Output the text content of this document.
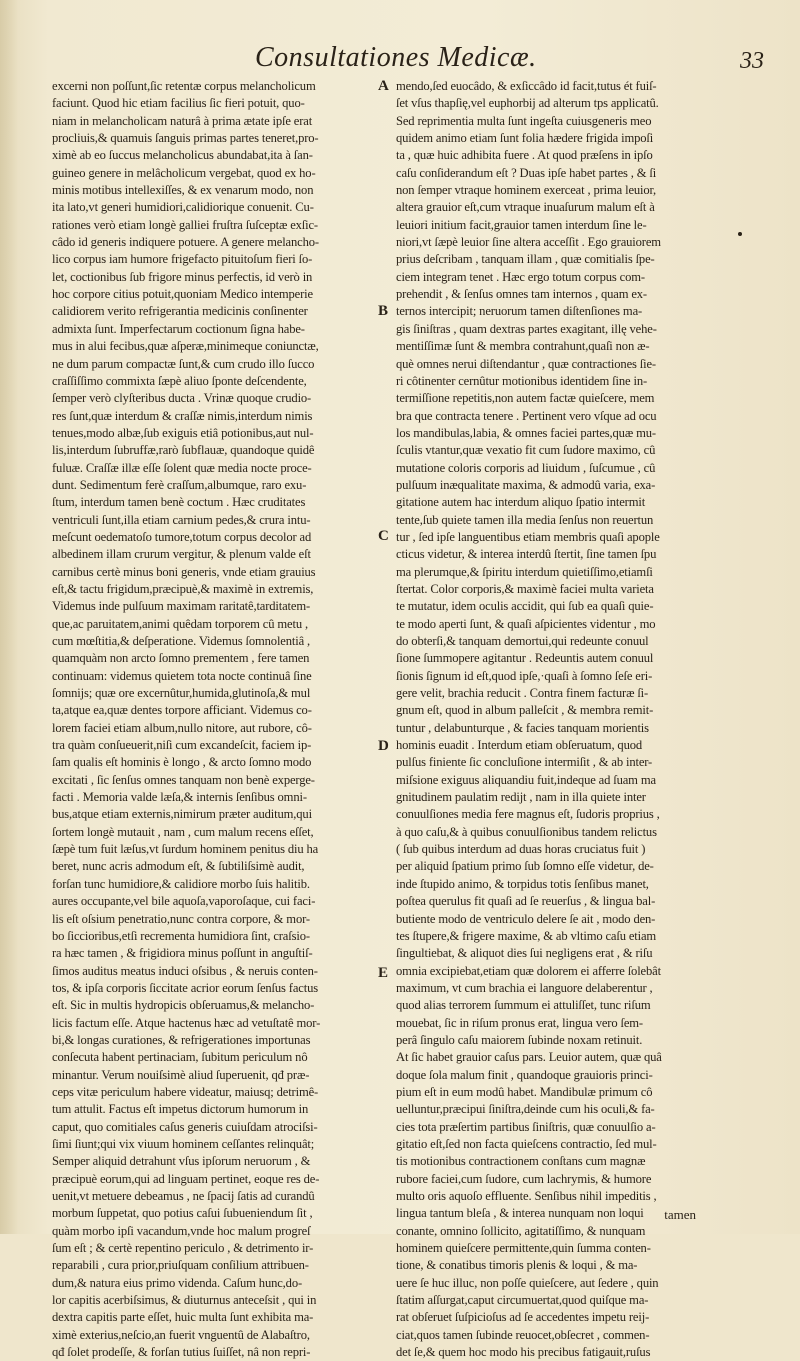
Consultationes Medicæ.	33
excerni non poſſunt,ſic retentæ corpus melancholicum
faciunt. Quod hic etiam facilius ſic fieri potuit, quo-
niam in melancholicam naturâ à prima ætate ipſe erat
procliuis,& quamuis ſanguis primas partes teneret,pro-
ximè ab eo ſuccus melancholicus abundabat,ita à ſan-
guineo genere in melâcholicum vergebat, quod ex ho-
minis motibus intellexiſſes, & ex venarum modo, non
ita lato,vt generi humidiori,calidiorique conuenit. Cu-
rationes verò etiam longè galliei fruſtra ſuſceptæ exſic-
câdo id generis indiquere potuere. A genere melancho-
lico corpus iam humore frigefacto pituitoſum fieri ſo-
let, coctionibus ſub frigore minus perfectis, id verò in
hoc corpore citius potuit,quoniam Medico intemperie
calidiorem verito refrigerantia medicinis conſinenter
admixta ſunt. Imperfectarum coctionum ſigna habe-
mus in alui fecibus,quæ aſperæ,minimeque coniunctæ,
ne dum parum compactæ ſunt,& cum crudo illo ſucco
craſſiſſimo commixta ſæpè aliuo ſponte deſcendente,
ſemper verò clyſteribus ducta . Vrinæ quoque crudio-
res ſunt,quæ interdum & craſſæ nimis,interdum nimis
tenues,modo albæ,ſub exiguis etiâ potionibus,aut nul-
lis,interdum ſubruffæ,rarò ſubflauæ, quandoque quidê
fuluæ. Craſſæ illæ eſſe ſolent quæ media nocte proce-
dunt. Sedimentum ferè craſſum,albumque, raro exu-
ſtum, interdum tamen benè coctum . Hæc cruditates
ventriculi ſunt,illa etiam carnium pedes,& crura intu-
meſcunt oedematoſo tumore,totum corpus decolor ad
albedinem illam crurum vergitur, & plenum valde eſt
carnibus certè minus boni generis, vnde etiam grauius
eſt,& tactu frigidum,præcipuè,& maximè in extremis,
Videmus inde pulſuum maximam raritatê,tarditatem-
que,ac paruitatem,animi quêdam torporem cû metu ,
cum mœſtitia,& deſperatione. Videmus ſomnolentiâ ,
quamquàm non arcto ſomno prementem , fere tamen
continuam: videmus quietem tota nocte continuâ ſine
ſomnijs; quæ ore excernûtur,humida,glutinoſa,& mul
ta,atque ea,quæ dentes torpore afficiant. Videmus co-
lorem faciei etiam album,nullo nitore, aut rubore, cô-
tra quàm conſueuerit,niſi cum excandeſcit, faciem ip-
ſam qualis eſt hominis è longo , & arcto ſomno modo
excitati , ſic ſenſus omnes tanquam non benè experge-
facti . Memoria valde læſa,& internis ſenſibus omni-
bus,atque etiam externis,nimirum præter auditum,qui
ſortem longè mutauit , nam , cum malum recens eſſet,
ſæpè tum fuit læſus,vt ſurdum hominem penitus diu ha
beret, nunc acris admodum eſt, & ſubtiliſsimè audit,
forſan tunc humidiore,& calidiore morbo ſuis halitib.
aures occupante,vel bile aquoſa,vaporoſaque, cui faci-
lis eſt oſsium penetratio,nunc contra corpore, & mor-
bo ſiccioribus,etſi recrementa humidiora ſint, craſsio-
ra hæc tamen , & frigidiora minus poſſunt in anguſtiſ-
ſimos auditus meatus induci oſsibus , & neruis conten-
tos, & ipſa corporis ſiccitate acrior eorum ſenſus factus
eſt. Sic in multis hydropicis obſeruamus,& melancho-
licis factum eſſe. Atque hactenus hæc ad vetuſtatê mor-
bi,& longas curationes, & refrigerationes importunas
conſecuta habent pertinaciam, ſubitum periculum nô
minantur. Verum nouiſsimè aliud ſuperuenit, qđ præ-
ceps vitæ periculum habere videatur, maiusq; detrimê-
tum attulit. Factus eſt impetus dictorum humorum in
caput, quo comitiales caſus generis cuiuſdam atrociſsi-
ſimi ſiunt;qui vix viuum hominem ceſſantes relinquât;
Semper aliquid detrahunt vſus ipſorum neruorum , &
præcipuè eorum,qui ad linguam pertinet, eoque res de-
uenit,vt metuere debeamus , ne ſpacij ſatis ad curandû
morbum ſuppetat, quo potius caſui ſubueniendum ſit ,
quàm morbo ipſi vacandum,vnde hoc malum progreſ
ſum eſt ; & certè repentino periculo , & detrimento ir-
reparabili , cura prior,priuſquam conſilium attribuen-
dum,& natura eius primo videnda. Caſum hunc,do-
lor capitis acerbiſsimus, & diuturnus anteceſsit , qui in
dextra capitis parte eſſet, huic multa ſunt exhibita ma-
ximè exterius,neſcio,an fuerit vnguentû de Alabaſtro,
qđ ſolet prodeſſe, & forſan tutius ſuiſſet, nâ non repri-
A
B
C
D
E
mendo,ſed euocâdo, & exſiccâdo id facit,tutus ét fuiſ-
ſet vſus thapſię,vel euphorbij ad alterum tps applicatû.
Sed reprimentia multa ſunt ingeſta cuiusgeneris meo
quidem animo etiam ſunt folia hædere frigida impoſi
ta , quæ huic adhibita fuere . At quod præſens in ipſo
caſu conſiderandum eſt ? Duas ipſe habet partes , & ſi
non ſemper vtraque hominem exerceat , prima leuior,
altera grauior eſt,cum vtraque inuaſurum malum eſt à
leuiori initium facit,grauior tamen interdum ſine le-
niori,vt ſæpè leuior ſine altera acceſſit . Ego grauiorem
prius deſcribam , tanquam illam , quæ comitialis ſpe-
ciem integram tenet . Hæc ergo totum corpus com-
prehendit , & ſenſus omnes tam internos , quam ex-
ternos intercipit; neruorum tamen diſtenſiones ma-
gis ſiniſtras , quam dextras partes exagitant, illę vehe-
mentiſſimæ ſunt & membra contrahunt,quaſi non æ-
què omnes nerui diſtendantur , quæ contractiones ſie-
ri côtinenter cernûtur motionibus identidem ſine in-
termiſſione repetitis,non autem factæ quieſcere, mem
bra que contracta tenere . Pertinent vero vſque ad ocu
los mandibulas,labia, & omnes faciei partes,quæ mu-
ſculis vtantur,quæ vexatio fit cum ſudore maximo, cû
mutatione coloris corporis ad liuidum , ſuſcumue , cû
pulſuum inæqualitate maxima, & admodû varia, exa-
gitatione autem hac interdum aliquo ſpatio intermit
tente,ſub quiete tamen illa media ſenſus non reuertun
tur , ſed ipſe languentibus etiam membris quaſi apople
cticus videtur, & interea interdû ſtertit, ſine tamen ſpu
ma plerumque,& ſpiritu interdum quietiſſimo,etiamſi
ſtertat. Color corporis,& maximè faciei multa varieta
te mutatur, idem oculis accidit, qui ſub ea quaſi quie-
te modo aperti ſunt, & quaſi aſpicientes videntur , mo
do obterſi,& tanquam demortui,qui redeunte conuul
ſione ſummopere agitantur . Redeuntis autem conuul
ſionis ſignum id eſt,quod ipſe,·quaſi à ſomno ſeſe eri-
gere velit, brachia reducit . Contra finem facturæ ſi-
gnum eſt, quod in album palleſcit , & membra remit-
tuntur , delabunturque , & facies tanquam morientis
hominis euadit . Interdum etiam obſeruatum, quod
pulſus finiente ſic concluſione intermiſit , & ab inter-
miſsione exiguus aliquandiu fuit,indeque ad ſuam ma
gnitudinem paulatim redijt , nam in illa quiete inter
conuulſiones media fere magnus eſt, ſudoris proprius ,
à quo caſu,& à quibus conuulſionibus tandem relictus
( ſub quibus interdum ad duas horas cruciatus fuit )
per aliquid ſpatium primo ſub ſomno eſſe videtur, de-
inde ſtupido animo, & torpidus totis ſenſibus manet,
poſtea querulus fit quaſi ad ſe reuerſus , & lingua bal-
butiente modo de ventriculo delere ſe ait , modo den-
tes ſtupere,& frigere maxime, & ab vltimo caſu etiam
ſingultiebat, & aliquot dies ſui negligens erat , & riſu
omnia excipiebat,etiam quæ dolorem ei afferre ſolebât
maximum, vt cum brachia ei languore delaberentur ,
quod alias terrorem ſummum ei attuliſſet, tunc riſum
mouebat, ſic in riſum pronus erat, lingua vero ſem-
perâ ſingulo caſu maiorem ſubinde noxam retinuit.
At ſic habet grauior caſus pars. Leuior autem, quæ quâ
doque ſola malum finit , quandoque grauioris princi-
pium eſt in eum modû habet. Mandibulæ primum cô
uelluntur,præcipui ſiniſtra,deinde cum his oculi,& fa-
cies tota præſertim partibus ſiniſtris, quæ conuulſio a-
gitatio eſt,ſed non facta quieſcens contractio, ſed mul-
tis motionibus contractionem conſtans cum magnæ
rubore faciei,cum ſudore, cum lachrymis, & humore
multo oris aquoſo effluente. Senſibus nihil impeditis ,
lingua tantum bleſa , & interea nunquam non loqui
conante, omnino ſollicito, agitatiſſimo, & nunquam
hominem quieſcere permittente,quin ſumma conten-
tione, & conatibus timoris plenis & loqui , & ma-
uere ſe huc illuc, non poſſe quieſcere, aut ſedere , quin
ſtatim aſſurgat,caput circumuertat,quod quiſque ma-
rat obſeruet ſuſpicioſus ad ſe accedentes impetu reij-
ciat,quos tamen ſubinde reuocet,obſecret , commen-
det ſe,& quem hoc modo his precibus fatigauit,ruſus
tamen
